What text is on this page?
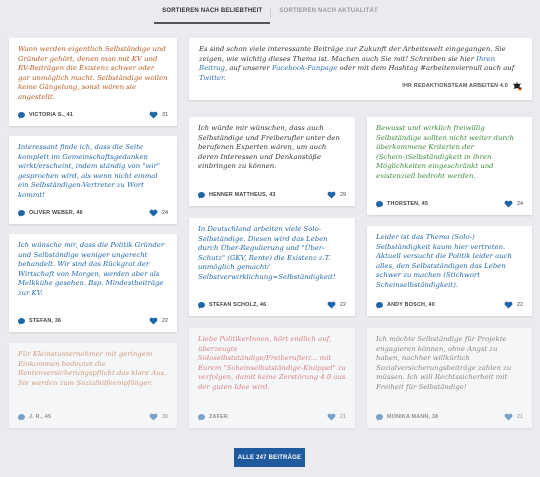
SORTIEREN NACH BELIEBTHEIT	SORTIEREN NACH AKTUALITÄT

Es sind schon viele interessante Beiträge zur Zukunft der Arbeitswelt eingegangen. Sie zeigen, wie wichtig dieses Thema ist. Machen auch Sie mit! Schreiben sie hier Ihren Beitrag, auf unserer Facebook-Fanpage oder mit dem Hashtag #arbeitenviernull auch auf Twitter.

IHR REDAKTIONSTEAM ARBEITEN 4.0

Wann werden eigentlich Selbständige und Gründer gehört, denen man mit KV und RV-Beiträgen die Existenz schwer oder gar unmöglich macht. Selbständige wollen keine Gängelung, sonst wären sie angestellt.

VICTORIA S., 41	31

Interessant finde ich, dass die Seite komplett im Gemeinschaftsgedanken wirkt/erscheint, indem ständig von "wir" gesprochen wird, als wenn nicht einmal ein Selbständigen-Vertreter zu Wort kommt!

OLIVER WEBER, 46	24

Ich wünsche mir, dass die Politik Gründer und Selbständige weniger ungerecht behandelt. Wir sind das Rückgrat der Wirtschaft von Morgen, werden aber als Melkkühe gesehen. Bsp. Mindestbeiträge zur KV.

STEFAN, 36	22

Für Kleinstunternehmer mit geringem Einkommen bedeutet die Rentenversicherungspflicht das klare Aus. Sie werden zum Sozialhilfeempfänger.

J. R., 45	30

Ich würde mir wünschen, dass auch Selbständige und Freiberufler unter den berufenen Experten wären, um auch deren Interessen und Denkanstöße einbringen zu können.

HENNER MATTHEUS, 43	29

In Deutschland arbeiten viele Solo-Selbständige. Diesen wird das Leben durch Über-Regulierung und "Über-Schutz" (GKV, Rente) die Existenz z.T. unmöglich gemacht/ Selbstverwirklichung=Selbständigkeit!

STEFAN SCHOLZ, 46	22

Liebe PolitikerInnen, hört endlich auf, überzeugte Soloselbstständige/Freiberufler/... mit Eurem "Scheinselbstständige-Knüppel" zu verfolgen, damit keine Zerstörung 4.0 aus der guten Idee wird.

ZAFER	21

Bewusst und wirklich freiwillig Selbständige sollten nicht weiter durch überkommene Kriterien der (Schein-)Selbständigkeit in ihren Möglichkeiten eingeschränkt und existenziell bedroht werden.

THORSTEN, 45	24

Leider ist das Thema (Solo-) Selbständigkeit kaum hier vertreten. Aktuell versucht die Politik leider auch alles, den Selbstständigen das Leben schwer zu machen (Stichwort Scheinselbständigkeit).

ANDY BOSCH, 40	22

Ich möchte Selbständige für Projekte engagieren können, ohne Angst zu haben, nachher willkürlich Sozialversicherungsbeiträge zahlen zu müssen. Ich will Rechtssicherheit mit Freiheit für Selbständige!

MONIKA MANN, 38	21
ALLE 247 BEITRÄGE
